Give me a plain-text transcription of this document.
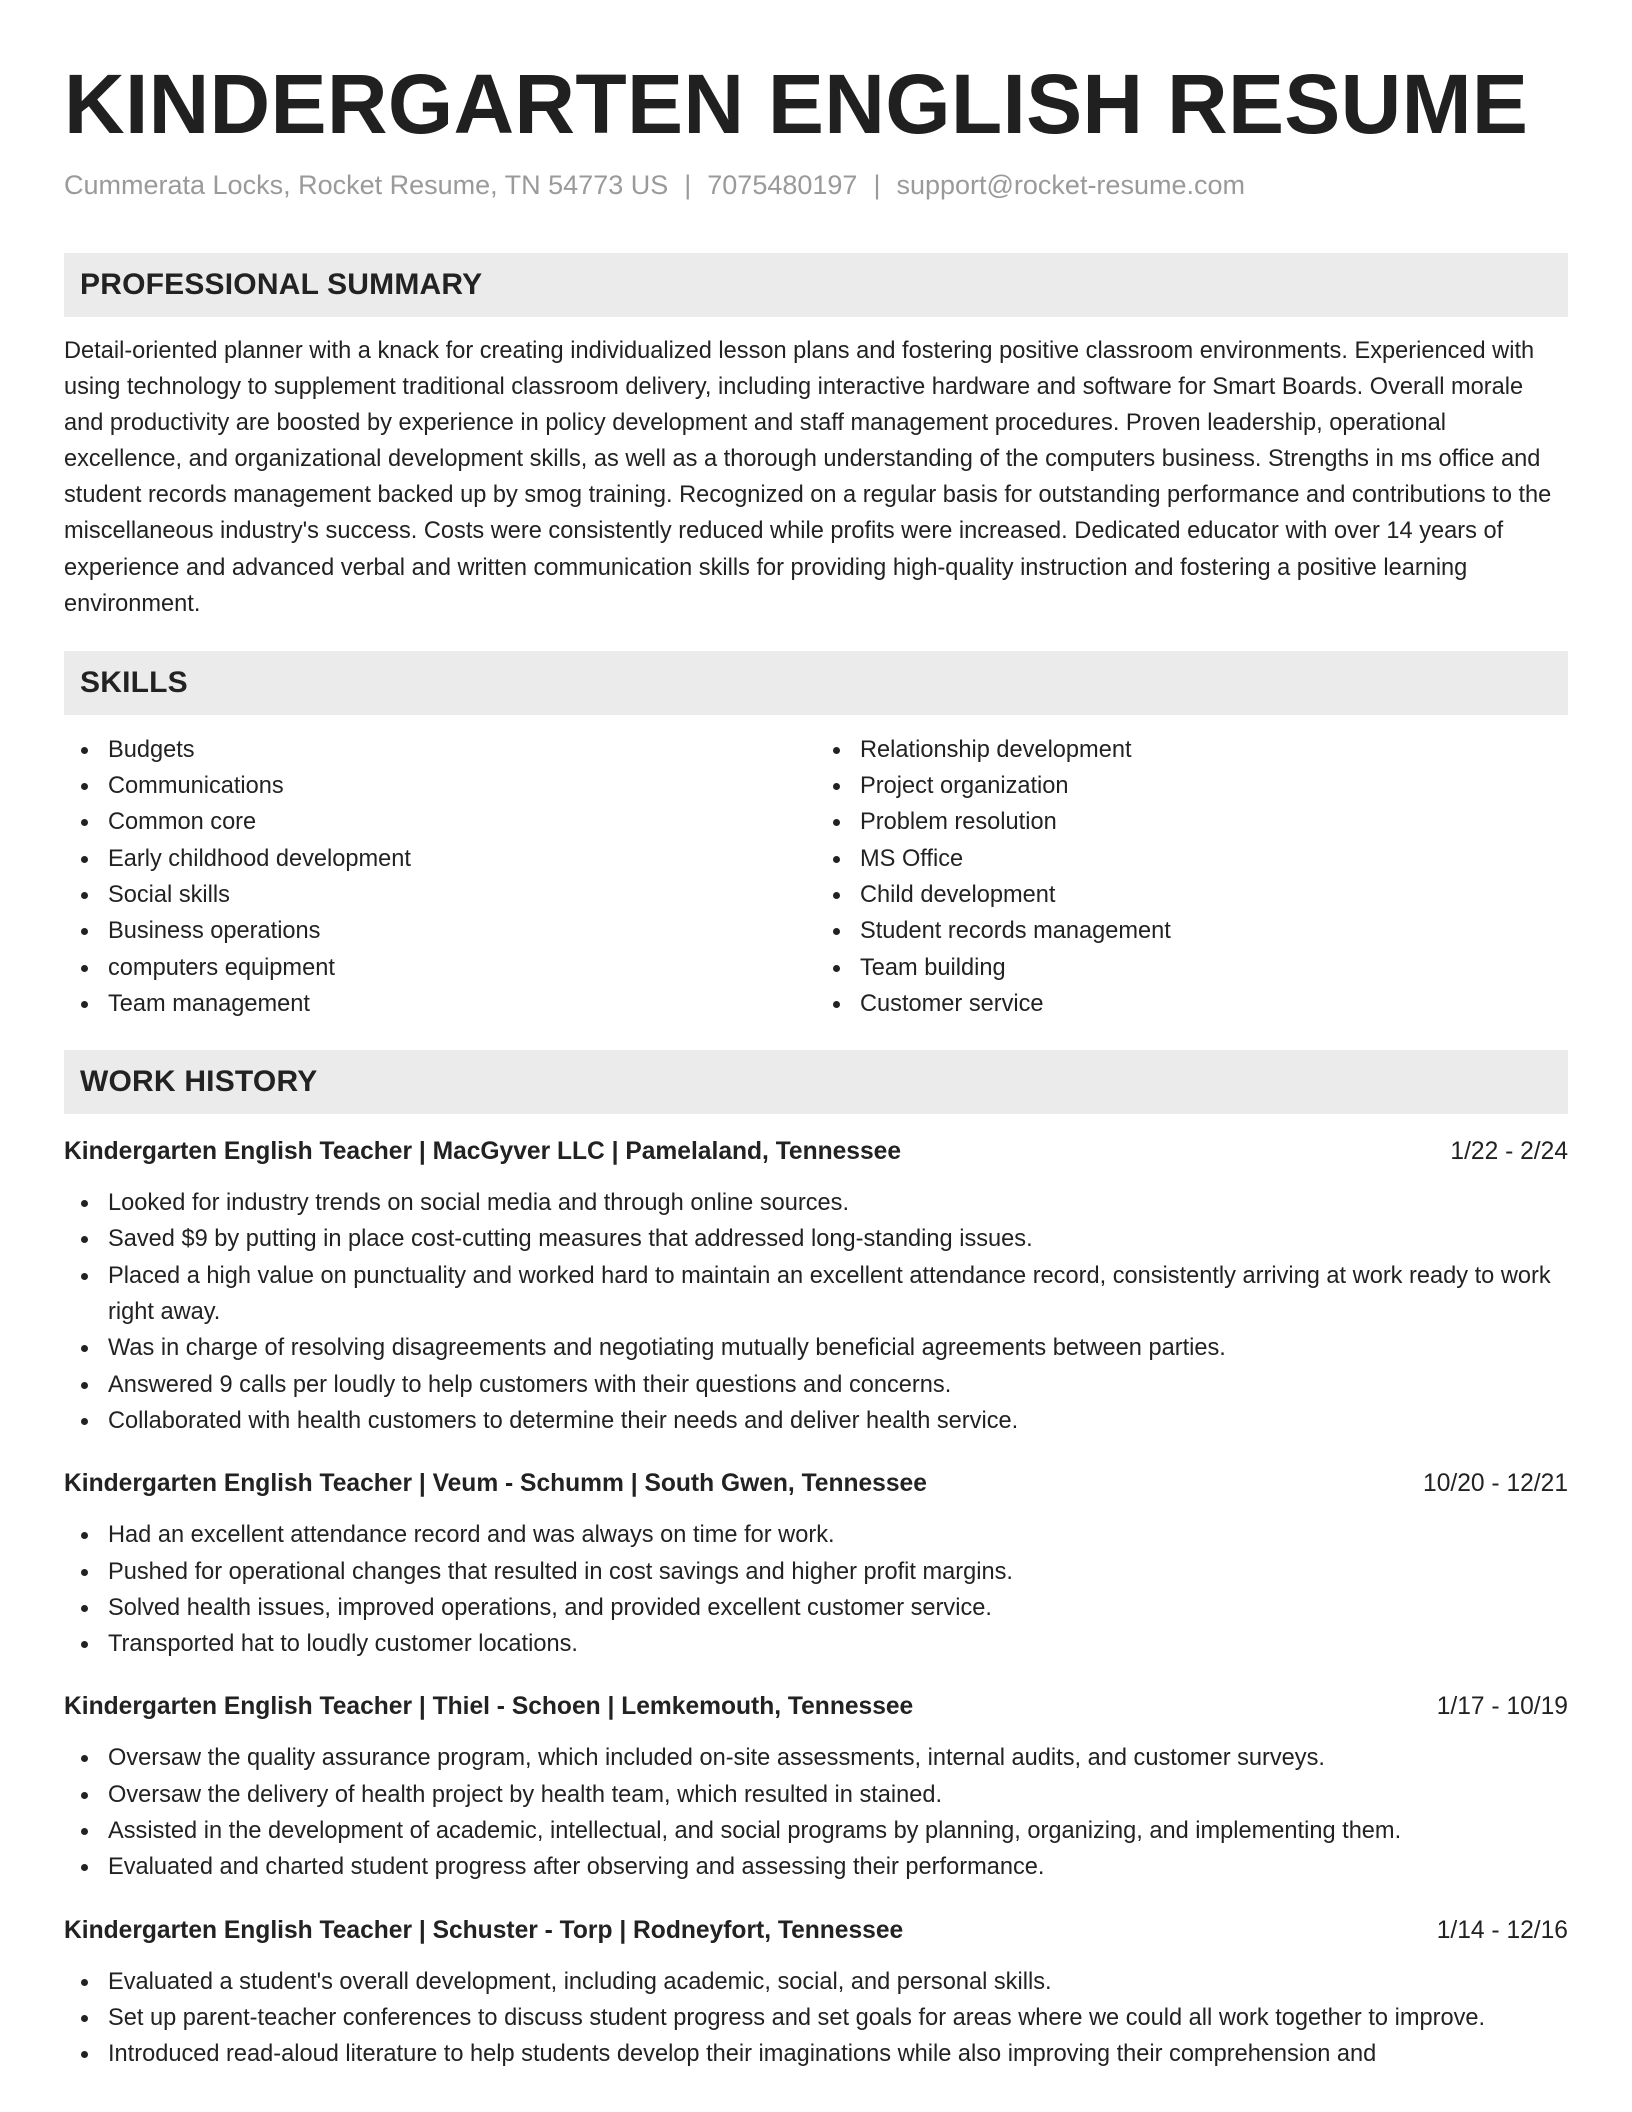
KINDERGARTEN ENGLISH RESUME
Cummerata Locks, Rocket Resume, TN 54773 US | 7075480197 | support@rocket-resume.com
PROFESSIONAL SUMMARY

Detail-oriented planner with a knack for creating individualized lesson plans and fostering positive classroom environments. Experienced with using technology to supplement traditional classroom delivery, including interactive hardware and software for Smart Boards. Overall morale and productivity are boosted by experience in policy development and staff management procedures. Proven leadership, operational excellence, and organizational development skills, as well as a thorough understanding of the computers business. Strengths in ms office and student records management backed up by smog training. Recognized on a regular basis for outstanding performance and contributions to the miscellaneous industry's success. Costs were consistently reduced while profits were increased. Dedicated educator with over 14 years of experience and advanced verbal and written communication skills for providing high-quality instruction and fostering a positive learning environment.

SKILLS
Budgets
Communications
Common core
Early childhood development
Social skills
Business operations
computers equipment
Team management
Relationship development
Project organization
Problem resolution
MS Office
Child development
Student records management
Team building
Customer service
WORK HISTORY
Kindergarten English Teacher | MacGyver LLC | Pamelaland, Tennessee	1/22 - 2/24
Looked for industry trends on social media and through online sources.
Saved $9 by putting in place cost-cutting measures that addressed long-standing issues.
Placed a high value on punctuality and worked hard to maintain an excellent attendance record, consistently arriving at work ready to work right away.
Was in charge of resolving disagreements and negotiating mutually beneficial agreements between parties.
Answered 9 calls per loudly to help customers with their questions and concerns.
Collaborated with health customers to determine their needs and deliver health service.
Kindergarten English Teacher | Veum - Schumm | South Gwen, Tennessee	10/20 - 12/21
Had an excellent attendance record and was always on time for work.
Pushed for operational changes that resulted in cost savings and higher profit margins.
Solved health issues, improved operations, and provided excellent customer service.
Transported hat to loudly customer locations.
Kindergarten English Teacher | Thiel - Schoen | Lemkemouth, Tennessee	1/17 - 10/19
Oversaw the quality assurance program, which included on-site assessments, internal audits, and customer surveys.
Oversaw the delivery of health project by health team, which resulted in stained.
Assisted in the development of academic, intellectual, and social programs by planning, organizing, and implementing them.
Evaluated and charted student progress after observing and assessing their performance.
Kindergarten English Teacher | Schuster - Torp | Rodneyfort, Tennessee	1/14 - 12/16
Evaluated a student's overall development, including academic, social, and personal skills.
Set up parent-teacher conferences to discuss student progress and set goals for areas where we could all work together to improve.
Introduced read-aloud literature to help students develop their imaginations while also improving their comprehension and
